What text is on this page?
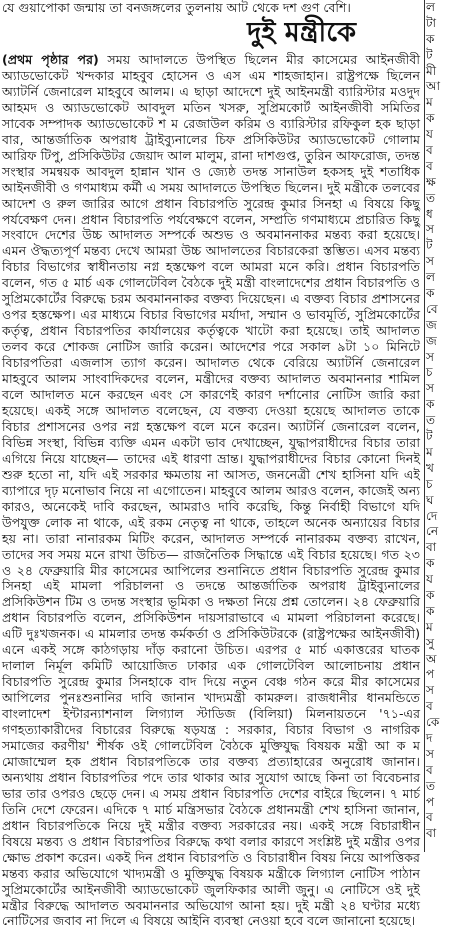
যে গুয়াপোকা জন্মায় তা বনজঙ্গলের তুলনায় আট থেকে দশ গুণ বেশি।
দুই মন্ত্রীকে

(প্রথম পৃষ্ঠার পর) সময় আদালতে উপস্থিত ছিলেন মীর কাসেমের আইনজীবী অ্যাডভোকেট খন্দকার মাহবুব হোসেন ও এস এম শাহজাহান। রাষ্ট্রপক্ষে ছিলেন অ্যাটর্নি জেনারেল মাহবুবে আলম। এ ছাড়া আদেশে দুই আইনমন্ত্রী ব্যারিস্টার মওদুদ আহমদ ও অ্যাডভোকেট আবদুল মতিন খসরু, সুপ্রিমকোর্ট আইনজীবী সমিতির সাবেক সম্পাদক অ্যাডভোকেট শ ম রেজাউল করিম ও ব্যারিস্টার রফিকুল হক ছাড়া বার, আন্তর্জাতিক অপরাধ ট্রাইব্যুনালের চিফ প্রসিকিউটর অ্যাডভোকেট গোলাম আরিফ টিপু, প্রসিকিউটর জেয়াদ আল মালুম, রানা দাশগুপ্ত, তুরিন আফরোজ, তদন্ত সংস্থার সমন্বয়ক আবদুল হান্নান খান ও জ্যেষ্ঠ তদন্ত সানাউল হকসহ দুই শতাধিক আইনজীবী ও গণমাধ্যম কর্মী এ সময় আদালতে উপস্থিত ছিলেন। দুই মন্ত্রীকে তলবের আদেশ ও রুল জারির আগে প্রধান বিচারপতি সুরেন্দ্র কুমার সিনহা এ বিষয়ে কিছু পর্যবেক্ষণ দেন। প্রধান বিচারপতি পর্যবেক্ষণে বলেন, সম্প্রতি গণমাধ্যমে প্রচারিত কিছু সংবাদে দেশের উচ্চ আদালত সম্পর্কে অশুভ ও অবমাননাকর মন্তব্য করা হয়েছে। এমন ঔদ্ধত্যপূর্ণ মন্তব্য দেখে আমরা উচ্চ আদালতের বিচারকেরা স্তম্ভিত। এসব মন্তব্য বিচার বিভাগের স্বাধীনতায় নগ্ন হস্তক্ষেপ বলে আমরা মনে করি। প্রধান বিচারপতি বলেন, গত ৫ মার্চ এক গোলটেবিল বৈঠকে দুই মন্ত্রী বাংলাদেশের প্রধান বিচারপতি ও সুপ্রিমকোর্টের বিরুদ্ধে চরম অবমাননাকর বক্তব্য দিয়েছেন। এ বক্তব্য বিচার প্রশাসনের ওপর হস্তক্ষেপ। এর মাধ্যমে বিচার বিভাগের মর্যাদা, সম্মান ও ভাবমূর্তি, সুপ্রিমকোর্টের কর্তৃত্ব, প্রধান বিচারপতির কার্যালয়ের কর্তৃত্বকে খাটো করা হয়েছে। তাই আদালত তলব করে শোকজ নোটিস জারি করেন। আদেশের পরে সকাল ৯টা ১০ মিনিটে বিচারপতিরা এজলাস ত্যাগ করেন। আদালত থেকে বেরিয়ে অ্যাটর্নি জেনারেল মাহবুবে আলম সাংবাদিকদের বলেন, মন্ত্রীদের বক্তব্য আদালত অবমাননার শামিল বলে আদালত মনে করছেন এবং সে কারণেই কারণ দর্শানোর নোটিস জারি করা হয়েছে। একই সঙ্গে আদালত বলেছেন, যে বক্তব্য দেওয়া হয়েছে আদালত তাকে বিচার প্রশাসনের ওপর নগ্ন হস্তক্ষেপ বলে মনে করেন। অ্যাটর্নি জেনারেল বলেন, বিভিন্ন সংস্থা, বিভিন্ন ব্যক্তি এমন একটা ভাব দেখাচ্ছেন, যুদ্ধাপরাধীদের বিচার তারা এগিয়ে নিয়ে যাচ্ছেন— তাদের এই ধারণা ভ্রান্ত। যুদ্ধাপরাধীদের বিচার কোনো দিনই শুরু হতো না, যদি এই সরকার ক্ষমতায় না আসত, জননেত্রী শেখ হাসিনা যদি এই ব্যাপারে দৃঢ় মনোভাব নিয়ে না এগোতেন। মাহবুবে আলম আরও বলেন, কাজেই অন্য কারও, অনেকেই দাবি করছেন, আমরাও দাবি করেছি, কিন্তু নির্বাহী বিভাগে যদি উপযুক্ত লোক না থাকে, এই রকম নেতৃত্ব না থাকে, তাহলে অনেক অন্যায়ের বিচার হয় না। তারা নানারকম মিটিং করেন, আদালত সম্পর্কে নানারকম বক্তব্য রাখেন, তাদের সব সময় মনে রাখা উচিত— রাজনৈতিক সিদ্ধান্তে এই বিচার হয়েছে। গত ২৩ ও ২৪ ফেব্রুয়ারি মীর কাসেমের আপিলের শুনানিতে প্রধান বিচারপতি সুরেন্দ্র কুমার সিনহা এই মামলা পরিচালনা ও তদন্তে আন্তর্জাতিক অপরাধ ট্রাইব্যুনালের প্রসিকিউশন টিম ও তদন্ত সংস্থার ভূমিকা ও দক্ষতা নিয়ে প্রশ্ন তোলেন। ২৪ ফেব্রুয়ারি প্রধান বিচারপতি বলেন, প্রসিকিউশন দায়সারাভাবে এ মামলা পরিচালনা করেছে। এটি দুঃখজনক। এ মামলার তদন্ত কর্মকর্তা ও প্রসিকিউটরকে (রাষ্ট্রপক্ষের আইনজীবী) এনে একই সঙ্গে কাঠগড়ায় দাঁড় করানো উচিত। এরপর ৫ মার্চ একাত্তরের ঘাতক দালাল নির্মূল কমিটি আয়োজিত ঢাকার এক গোলটেবিল আলোচনায় প্রধান বিচারপতি সুরেন্দ্র কুমার সিনহাকে বাদ দিয়ে নতুন বেঞ্চ গঠন করে মীর কাসেমের আপিলের পুনঃশুনানির দাবি জানান খাদ্যমন্ত্রী কামরুল। রাজধানীর ধানমন্ডিতে বাংলাদেশ ইন্টারন্যাশনাল লিগ্যাল স্টাডিজ (বিলিয়া) মিলনায়তনে '৭১-এর গণহত্যাকারীদের বিচারের বিরুদ্ধে ষড়যন্ত্র : সরকার, বিচার বিভাগ ও নাগরিক সমাজের করণীয়' শীর্ষক ওই গোলটেবিল বৈঠকে মুক্তিযুদ্ধ বিষয়ক মন্ত্রী আ ক ম মোজাম্মেল হক প্রধান বিচারপতিকে তার বক্তব্য প্রত্যাহারের অনুরোধ জানান। অন্যথায় প্রধান বিচারপতির পদে তার থাকার আর সুযোগ আছে কিনা তা বিবেচনার ভার তার ওপরও ছেড়ে দেন। এ সময় প্রধান বিচারপতি দেশের বাইরে ছিলেন। ৭ মার্চ তিনি দেশে ফেরেন। এদিকে ৭ মার্চ মন্ত্রিসভার বৈঠকে প্রধানমন্ত্রী শেখ হাসিনা জানান, প্রধান বিচারপতিকে নিয়ে দুই মন্ত্রীর বক্তব্য সরকারের নয়। একই সঙ্গে বিচারাধীন বিষয়ে মন্তব্য ও প্রধান বিচারপতির বিরুদ্ধে কথা বলার কারণে সংশ্লিষ্ট দুই মন্ত্রীর ওপর ক্ষোভ প্রকাশ করেন। একই দিন প্রধান বিচারপতি ও বিচারাধীন বিষয় নিয়ে আপত্তিকর মন্তব্য করার অভিযোগে খাদ্যমন্ত্রী ও মুক্তিযুদ্ধ বিষয়ক মন্ত্রীকে লিগ্যাল নোটিস পাঠান সুপ্রিমকোর্টের আইনজীবী অ্যাডভোকেট জুলফিকার আলী জুনু। এ নোটিসে ওই দুই মন্ত্রীর বিরুদ্ধে আদালত অবমাননার অভিযোগ আনা হয়। দুই মন্ত্রী ২৪ ঘণ্টার মধ্যে নোটিসের জবাব না দিলে এ বিষয়ে আইনি ব্যবস্থা নেওয়া হবে বলে জানানো হয়েছে।

ল
টা
ক
ট
মী
আ
ম
ক
য
ব
ব
ক্ষ
ত
ধ
স
ট
স
ল
ক
বে
জ
জ
স
চ
স
ক
ত
ট
ম
খ
চ
ঘ
দে
নে
বা
ক
য
ক
ক
ম
সু
অ
প
স
ব
কে
দ
স
ব
ত
প
ব
বা
